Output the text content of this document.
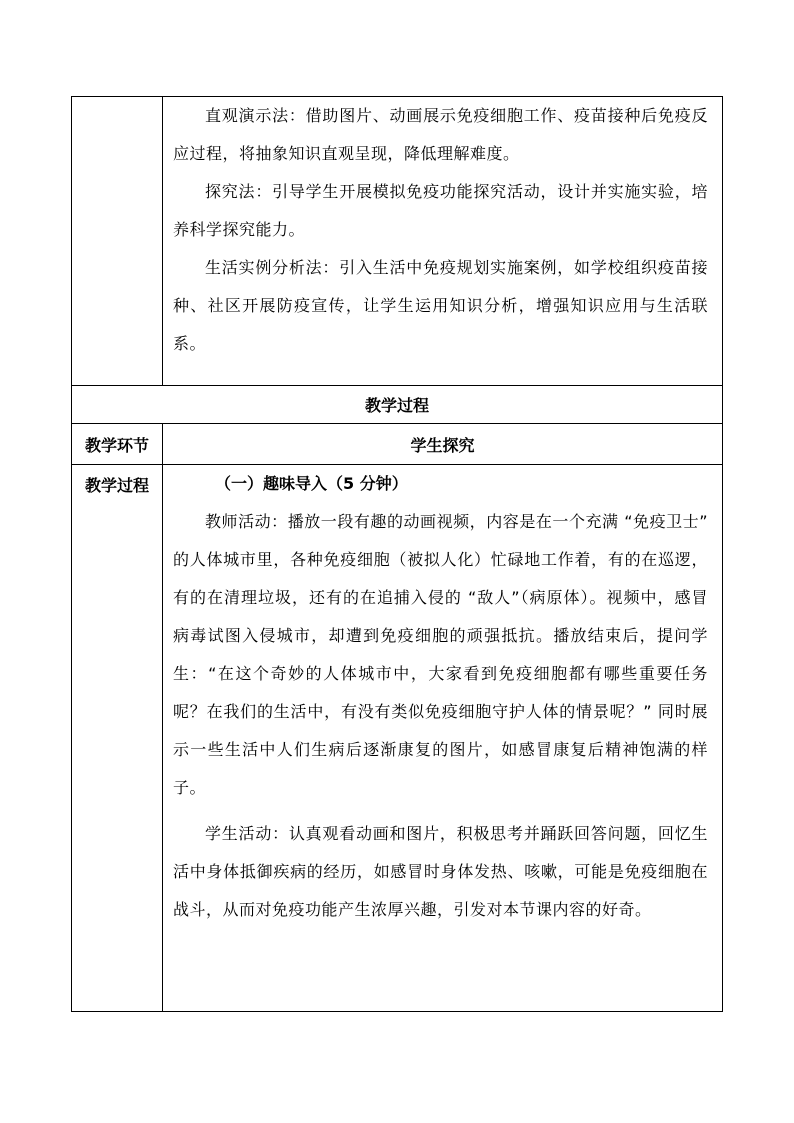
	直观演示法：借助图片、动画展示免疫细胞工作、疫苗接种后免疫反应过程，将抽象知识直观呈现，降低理解难度。

探究法：引导学生开展模拟免疫功能探究活动，设计并实施实验，培养科学探究能力。

生活实例分析法：引入生活中免疫规划实施案例，如学校组织疫苗接种、社区开展防疫宣传，让学生运用知识分析，增强知识应用与生活联系。

教学过程	
教学环节	学生探究
教学过程	（一）趣味导入（5 分钟）

教师活动：播放一段有趣的动画视频，内容是在一个充满 “免疫卫士” 的人体城市里，各种免疫细胞（被拟人化）忙碌地工作着，有的在巡逻，有的在清理垃圾，还有的在追捕入侵的 “敌人”（病原体）。视频中，感冒病毒试图入侵城市，却遭到免疫细胞的顽强抵抗。播放结束后，提问学生：“在这个奇妙的人体城市中，大家看到免疫细胞都有哪些重要任务呢？在我们的生活中，有没有类似免疫细胞守护人体的情景呢？” 同时展示一些生活中人们生病后逐渐康复的图片，如感冒康复后精神饱满的样子。

学生活动：认真观看动画和图片，积极思考并踊跃回答问题，回忆生活中身体抵御疾病的经历，如感冒时身体发热、咳嗽，可能是免疫细胞在战斗，从而对免疫功能产生浓厚兴趣，引发对本节课内容的好奇。
